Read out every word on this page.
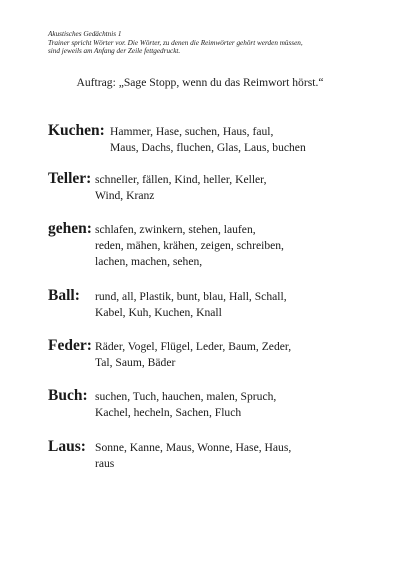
Akustisches Gedächtnis 1
Trainer spricht Wörter vor. Die Wörter, zu denen die Reimwörter gehört werden müssen,
sind jeweils am Anfang der Zeile fettgedruckt.
Auftrag: „Sage Stopp, wenn du das Reimwort hörst.“
Kuchen: Hammer, Hase, suchen, Haus, faul,
Maus, Dachs, fluchen, Glas, Laus, buchen
Teller: schneller, fällen, Kind, heller, Keller,
Wind, Kranz
gehen: schlafen, zwinkern, stehen, laufen,
reden, mähen, krähen, zeigen, schreiben,
lachen, machen, sehen,
Ball: rund, all, Plastik, bunt, blau, Hall, Schall,
Kabel, Kuh, Kuchen, Knall
Feder: Räder, Vogel, Flügel, Leder, Baum, Zeder,
Tal, Saum, Bäder
Buch: suchen, Tuch, hauchen, malen, Spruch,
Kachel, hecheln, Sachen, Fluch
Laus: Sonne, Kanne, Maus, Wonne, Hase, Haus,
raus
